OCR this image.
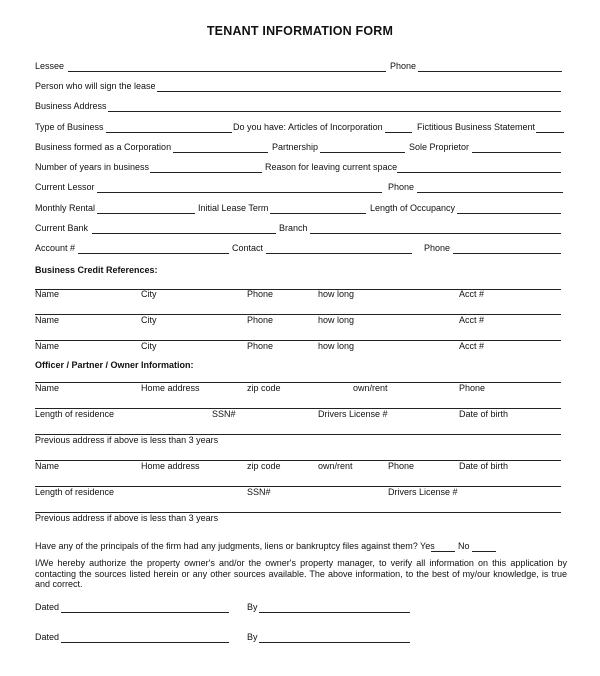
TENANT INFORMATION FORM
Lessee	Phone
Person who will sign the lease
Business Address
Type of Business	Do you have: Articles of Incorporation	Fictitious Business Statement
Business formed as a Corporation	Partnership	Sole Proprietor
Number of years in business	Reason for leaving current space
Current Lessor	Phone
Monthly Rental	Initial Lease Term	Length of Occupancy
Current Bank	Branch
Account #	Contact	Phone
Business Credit References:
Name	City	Phone	how long	Acct #
Name	City	Phone	how long	Acct #
Name	City	Phone	how long	Acct #
Officer / Partner / Owner Information:
Name	Home address	zip code	own/rent	Phone
Length of residence	SSN#	Drivers License #	Date of birth
Previous address if above is less than 3 years
Name	Home address	zip code	own/rent	Phone	Date of birth
Length of residence	SSN#	Drivers License #
Previous address if above is less than 3 years
Have any of the principals of the firm had any judgments, liens or bankruptcy files against them? Yes	No
I/We hereby authorize the property owner's and/or the owner's property manager, to verify all information on this application by contacting the sources listed herein or any other sources available. The above information, to the best of my/our knowledge, is true and correct.
Dated	By
Dated	By
